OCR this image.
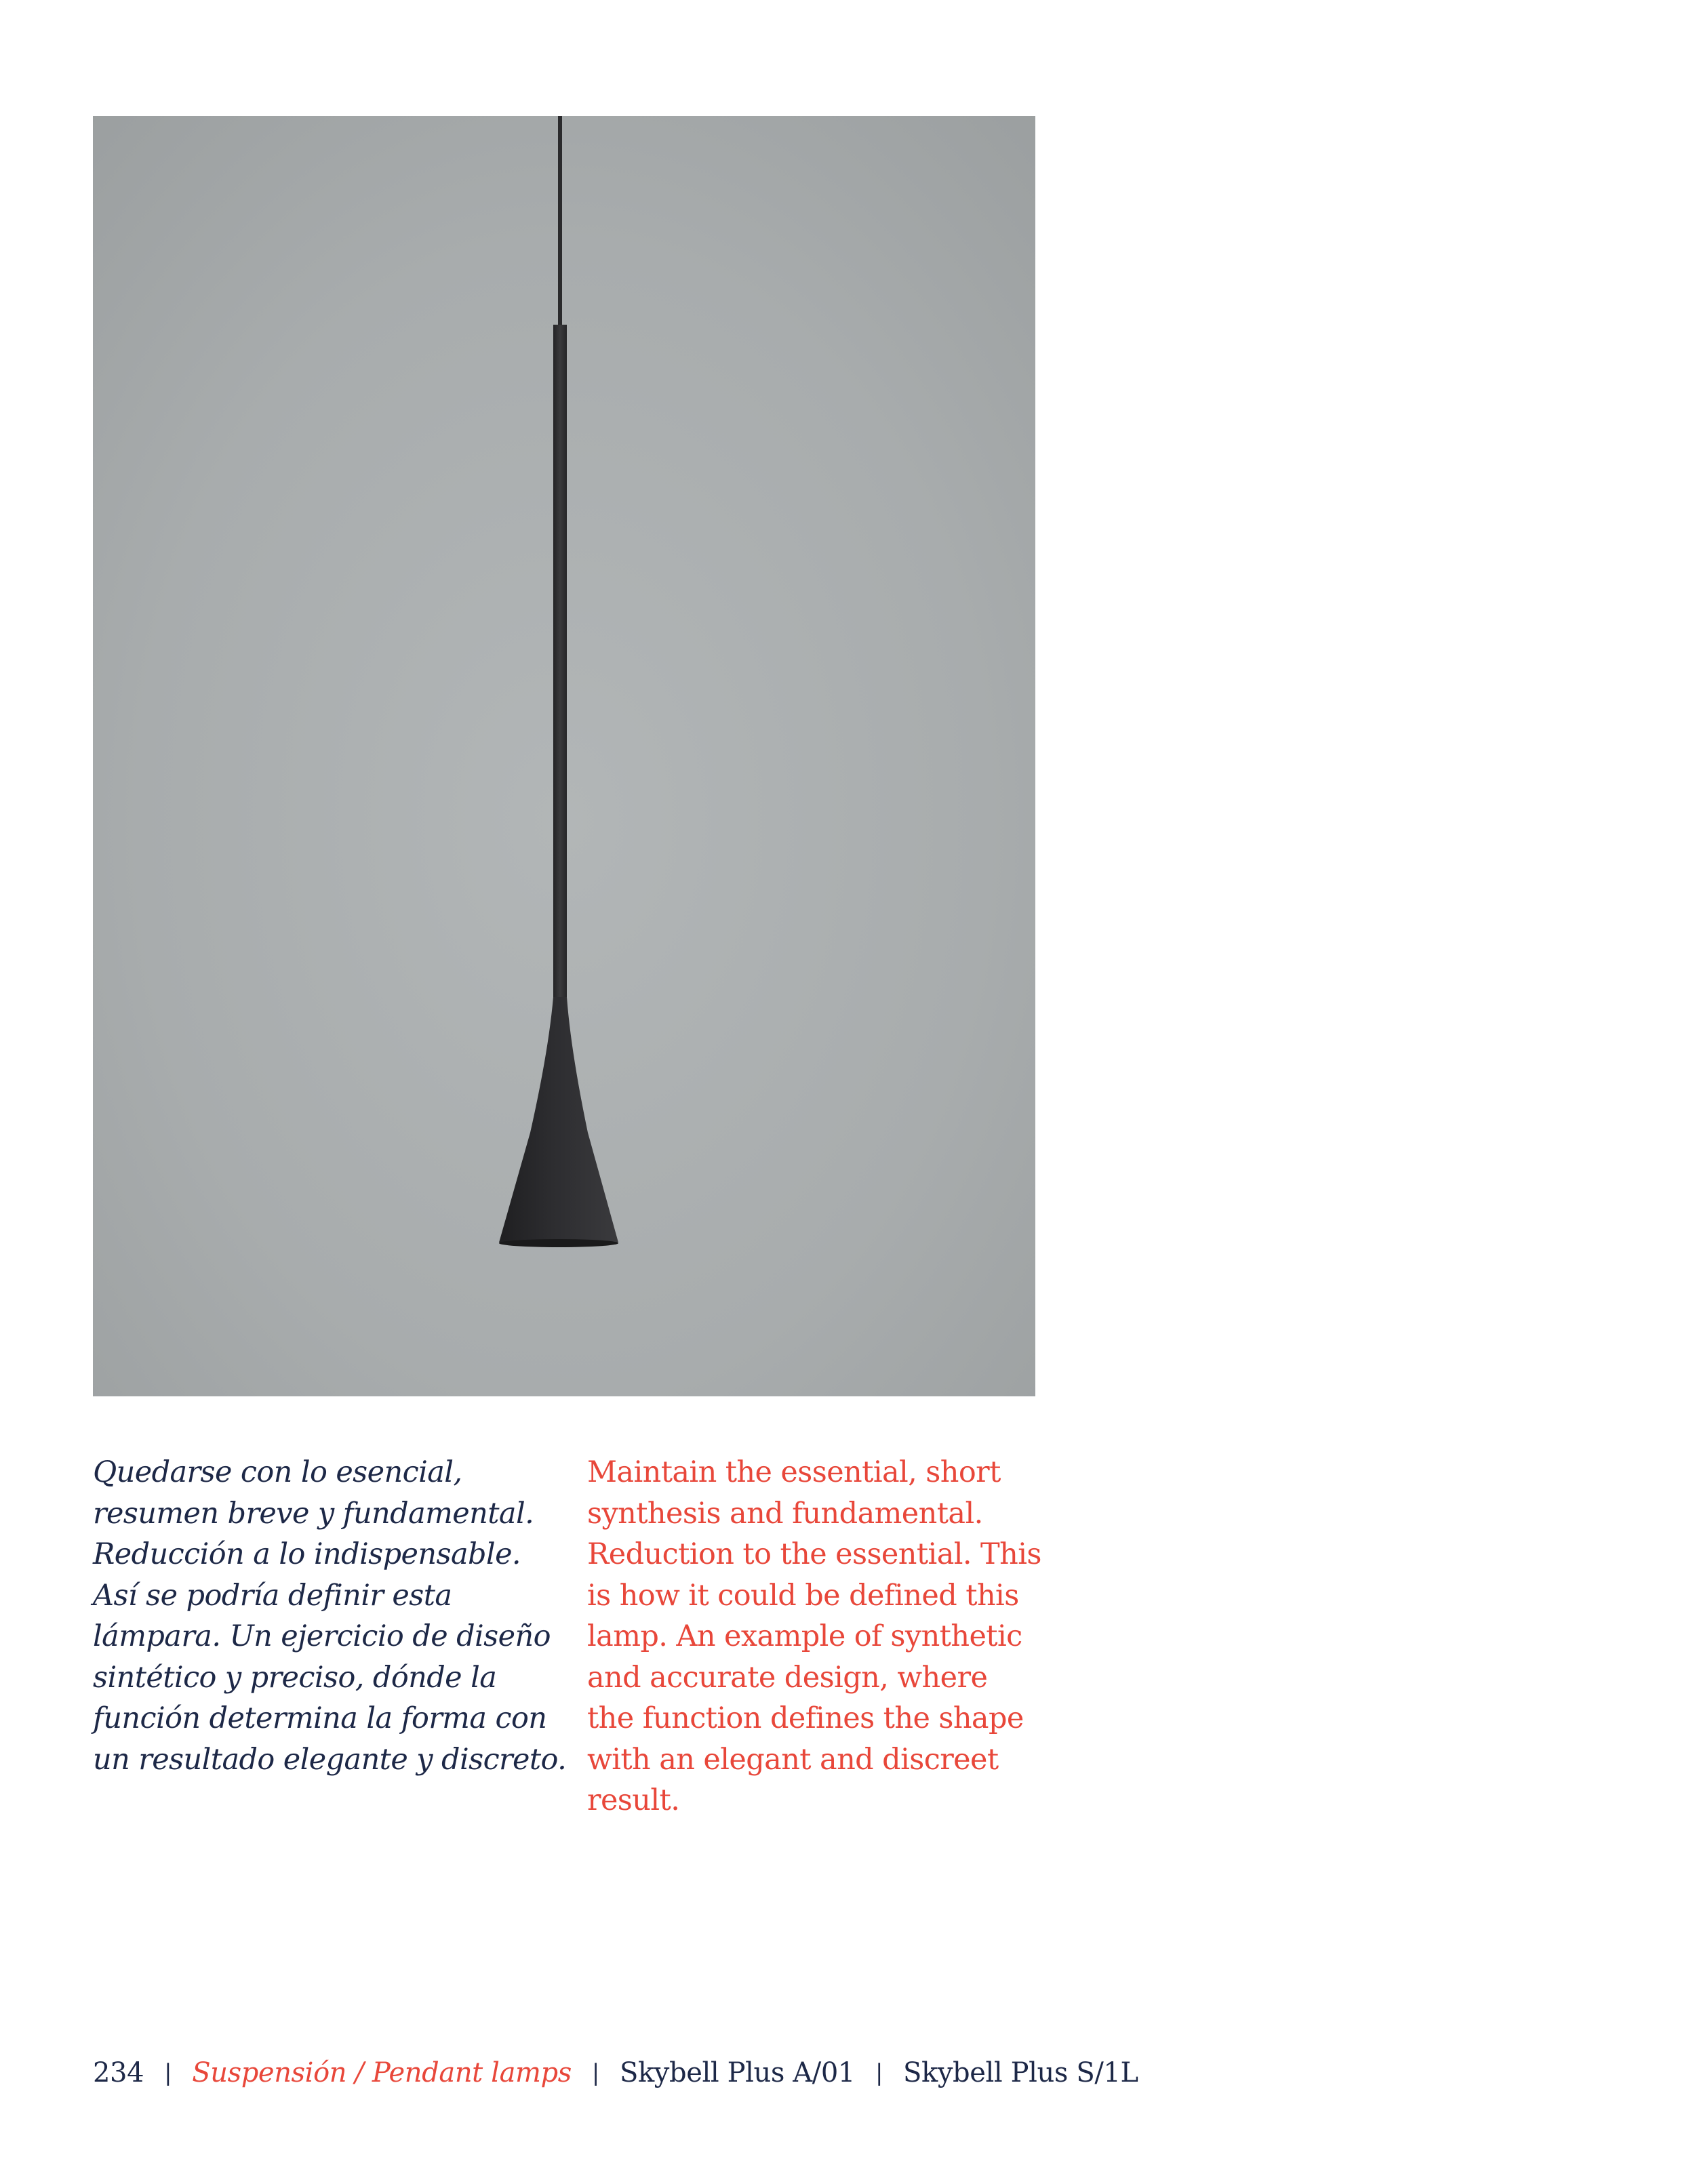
Quedarse con lo esencial,
resumen breve y fundamental.
Reducción a lo indispensable.
Así se podría definir esta
lámpara. Un ejercicio de diseño
sintético y preciso, dónde la
función determina la forma con
un resultado elegante y discreto.
Maintain the essential, short
synthesis and fundamental.
Reduction to the essential. This
is how it could be defined this
lamp. An example of synthetic
and accurate design, where
the function defines the shape
with an elegant and discreet
result.
234 | Suspensión / Pendant lamps | Skybell Plus A/01 | Skybell Plus S/1L
